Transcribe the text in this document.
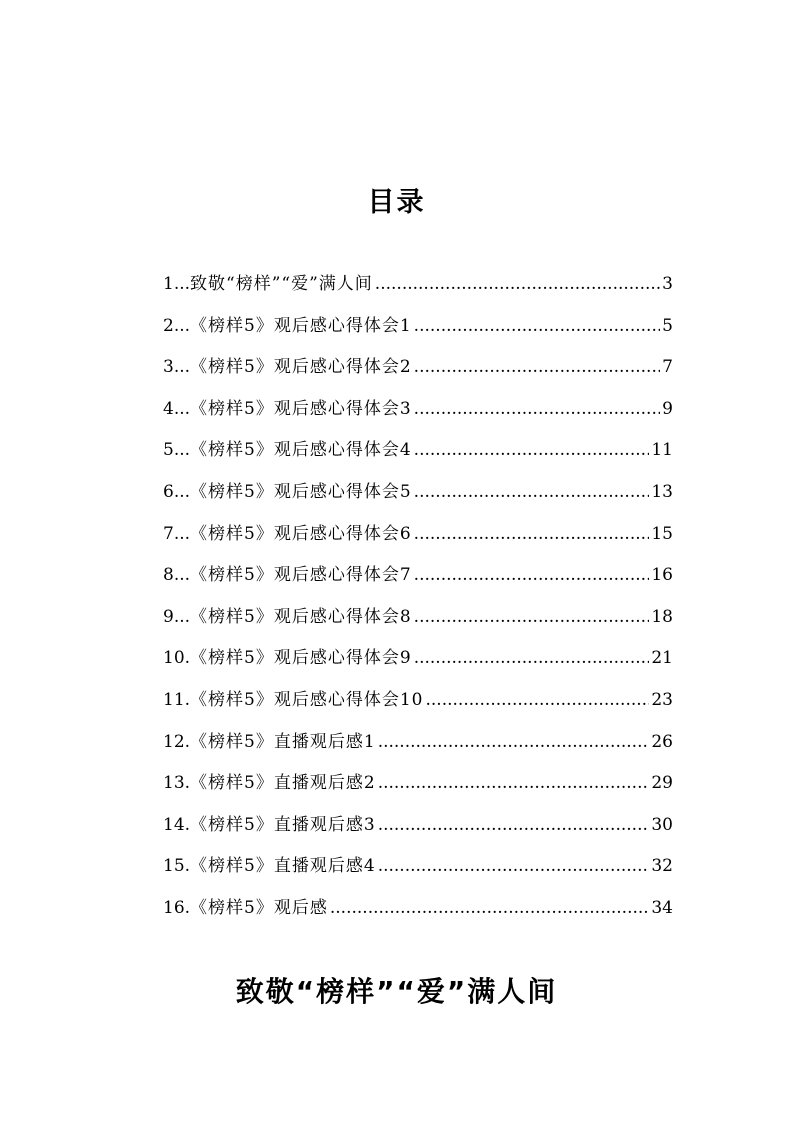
目录
1... 致敬“榜样”“爱”满人间 .....	3
2... 《榜样5》观后感心得体会1 .....	5
3... 《榜样5》观后感心得体会2 .....	7
4... 《榜样5》观后感心得体会3 .....	9
5... 《榜样5》观后感心得体会4 .....	11
6... 《榜样5》观后感心得体会5 .....	13
7... 《榜样5》观后感心得体会6 .....	15
8... 《榜样5》观后感心得体会7 .....	16
9... 《榜样5》观后感心得体会8 .....	18
10. 《榜样5》观后感心得体会9 .....	21
11. 《榜样5》观后感心得体会10 .....	23
12. 《榜样5》直播观后感1 .....	26
13. 《榜样5》直播观后感2 .....	29
14. 《榜样5》直播观后感3 .....	30
15. 《榜样5》直播观后感4 .....	32
16. 《榜样5》观后感 .....	34
致敬“榜样”“爱”满人间
